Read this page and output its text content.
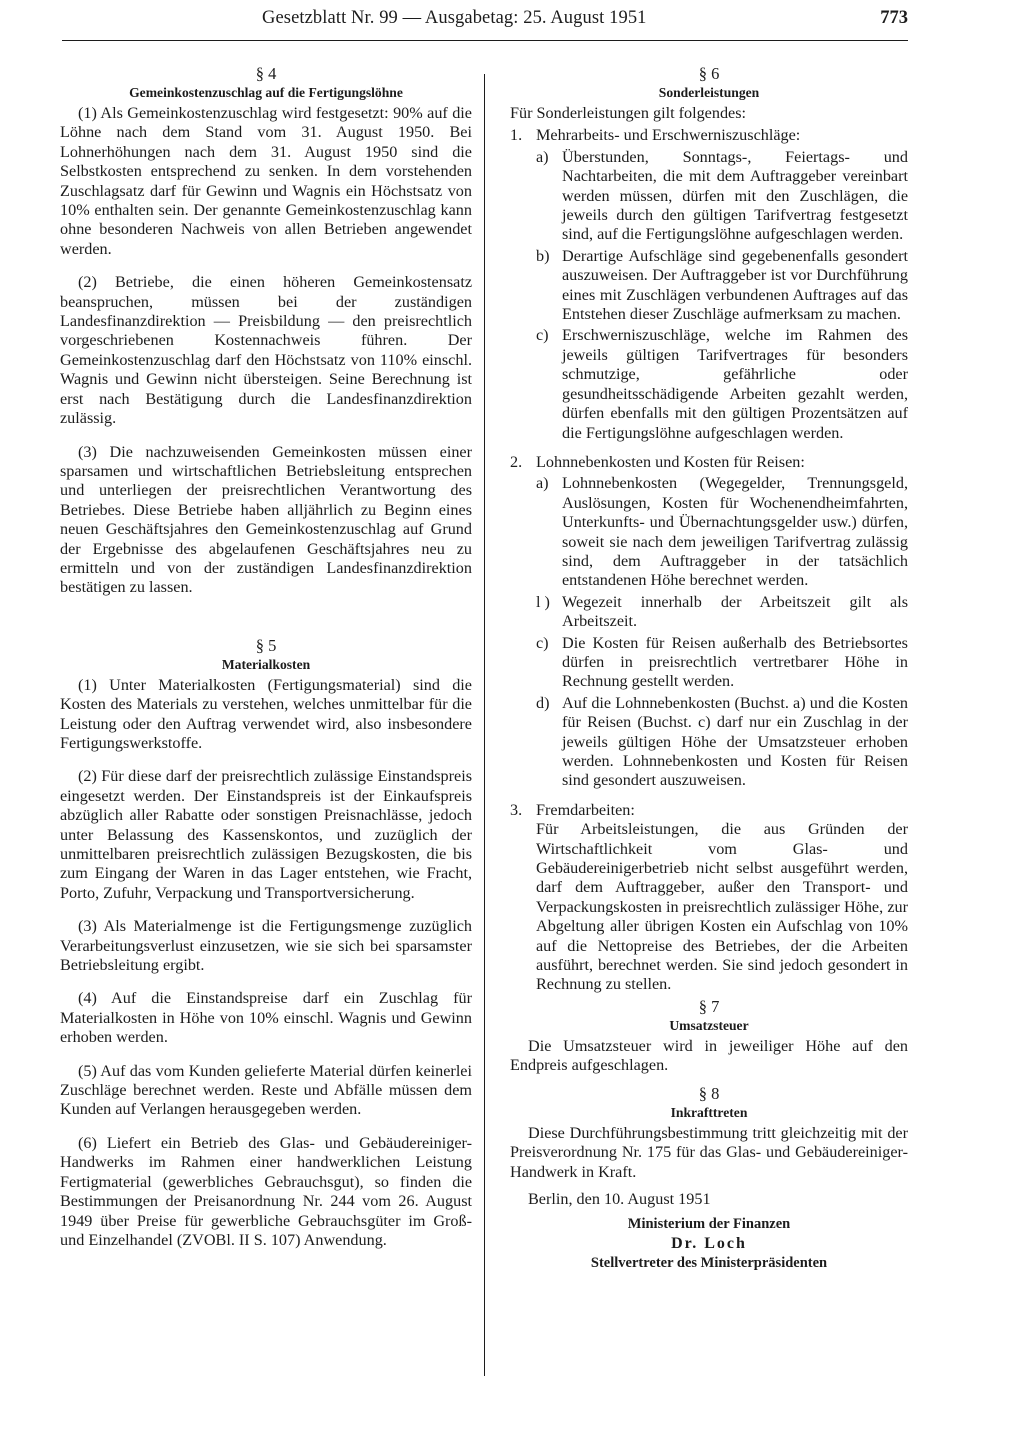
Gesetzblatt Nr. 99 — Ausgabetag: 25. August 1951	773
§ 4
Gemeinkostenzuschlag auf die Fertigungslöhne

(1) Als Gemeinkostenzuschlag wird festgesetzt: 90% auf die Löhne nach dem Stand vom 31. August 1950. Bei Lohnerhöhungen nach dem 31. August 1950 sind die Selbstkosten entsprechend zu senken. In dem vorstehenden Zuschlagsatz darf für Gewinn und Wagnis ein Höchstsatz von 10% enthalten sein. Der genannte Gemeinkostenzuschlag kann ohne besonderen Nachweis von allen Betrieben angewendet werden.

(2) Betriebe, die einen höheren Gemeinkostensatz beanspruchen, müssen bei der zuständigen Landesfinanzdirektion — Preisbildung — den preisrechtlich vorgeschriebenen Kostennachweis führen. Der Gemeinkostenzuschlag darf den Höchstsatz von 110% einschl. Wagnis und Gewinn nicht übersteigen. Seine Berechnung ist erst nach Bestätigung durch die Landesfinanzdirektion zulässig.

(3) Die nachzuweisenden Gemeinkosten müssen einer sparsamen und wirtschaftlichen Betriebsleitung entsprechen und unterliegen der preisrechtlichen Verantwortung des Betriebes. Diese Betriebe haben alljährlich zu Beginn eines neuen Geschäftsjahres den Gemeinkostenzuschlag auf Grund der Ergebnisse des abgelaufenen Geschäftsjahres neu zu ermitteln und von der zuständigen Landesfinanzdirektion bestätigen zu lassen.

§ 5
Materialkosten

(1) Unter Materialkosten (Fertigungsmaterial) sind die Kosten des Materials zu verstehen, welches unmittelbar für die Leistung oder den Auftrag verwendet wird, also insbesondere Fertigungswerkstoffe.

(2) Für diese darf der preisrechtlich zulässige Einstandspreis eingesetzt werden. Der Einstandspreis ist der Einkaufspreis abzüglich aller Rabatte oder sonstigen Preisnachlässe, jedoch unter Belassung des Kassenskontos, und zuzüglich der unmittelbaren preisrechtlich zulässigen Bezugskosten, die bis zum Eingang der Waren in das Lager entstehen, wie Fracht, Porto, Zufuhr, Verpackung und Transportversicherung.

(3) Als Materialmenge ist die Fertigungsmenge zuzüglich Verarbeitungsverlust einzusetzen, wie sie sich bei sparsamster Betriebsleitung ergibt.

(4) Auf die Einstandspreise darf ein Zuschlag für Materialkosten in Höhe von 10% einschl. Wagnis und Gewinn erhoben werden.

(5) Auf das vom Kunden gelieferte Material dürfen keinerlei Zuschläge berechnet werden. Reste und Abfälle müssen dem Kunden auf Verlangen herausgegeben werden.

(6) Liefert ein Betrieb des Glas- und Gebäudereiniger-Handwerks im Rahmen einer handwerklichen Leistung Fertigmaterial (gewerbliches Gebrauchsgut), so finden die Bestimmungen der Preisanordnung Nr. 244 vom 26. August 1949 über Preise für gewerbliche Gebrauchsgüter im Groß- und Einzelhandel (ZVOBl. II S. 107) Anwendung.

§ 6
Sonderleistungen

Für Sonderleistungen gilt folgendes:

1. Mehrarbeits- und Erschwerniszuschläge:
a) Überstunden, Sonntags-, Feiertags- und Nachtarbeiten, die mit dem Auftraggeber vereinbart werden müssen, dürfen mit den Zuschlägen, die jeweils durch den gültigen Tarifvertrag festgesetzt sind, auf die Fertigungslöhne aufgeschlagen werden.
b) Derartige Aufschläge sind gegebenenfalls gesondert auszuweisen. Der Auftraggeber ist vor Durchführung eines mit Zuschlägen verbundenen Auftrages auf das Entstehen dieser Zuschläge aufmerksam zu machen.
c) Erschwerniszuschläge, welche im Rahmen des jeweils gültigen Tarifvertrages für besonders schmutzige, gefährliche oder gesundheitsschädigende Arbeiten gezahlt werden, dürfen ebenfalls mit den gültigen Prozentsätzen auf die Fertigungslöhne aufgeschlagen werden.
2. Lohnnebenkosten und Kosten für Reisen:
a) Lohnnebenkosten (Wegegelder, Trennungsgeld, Auslösungen, Kosten für Wochenendheimfahrten, Unterkunfts- und Übernachtungsgelder usw.) dürfen, soweit sie nach dem jeweiligen Tarifvertrag zulässig sind, dem Auftraggeber in der tatsächlich entstandenen Höhe berechnet werden.
l ) Wegezeit innerhalb der Arbeitszeit gilt als Arbeitszeit.
c) Die Kosten für Reisen außerhalb des Betriebsortes dürfen in preisrechtlich vertretbarer Höhe in Rechnung gestellt werden.
d) Auf die Lohnnebenkosten (Buchst. a) und die Kosten für Reisen (Buchst. c) darf nur ein Zuschlag in der jeweils gültigen Höhe der Umsatzsteuer erhoben werden. Lohnnebenkosten und Kosten für Reisen sind gesondert auszuweisen.
3. Fremdarbeiten:
Für Arbeitsleistungen, die aus Gründen der Wirtschaftlichkeit vom Glas- und Gebäudereinigerbetrieb nicht selbst ausgeführt werden, darf dem Auftraggeber, außer den Transport- und Verpackungskosten in preisrechtlich zulässiger Höhe, zur Abgeltung aller übrigen Kosten ein Aufschlag von 10% auf die Nettopreise des Betriebes, der die Arbeiten ausführt, berechnet werden. Sie sind jedoch gesondert in Rechnung zu stellen.
§ 7
Umsatzsteuer

Die Umsatzsteuer wird in jeweiliger Höhe auf den Endpreis aufgeschlagen.

§ 8
Inkrafttreten

Diese Durchführungsbestimmung tritt gleichzeitig mit der Preisverordnung Nr. 175 für das Glas- und Gebäudereiniger-Handwerk in Kraft.

Berlin, den 10. August 1951

Ministerium der Finanzen
Dr. Loch
Stellvertreter des Ministerpräsidenten
